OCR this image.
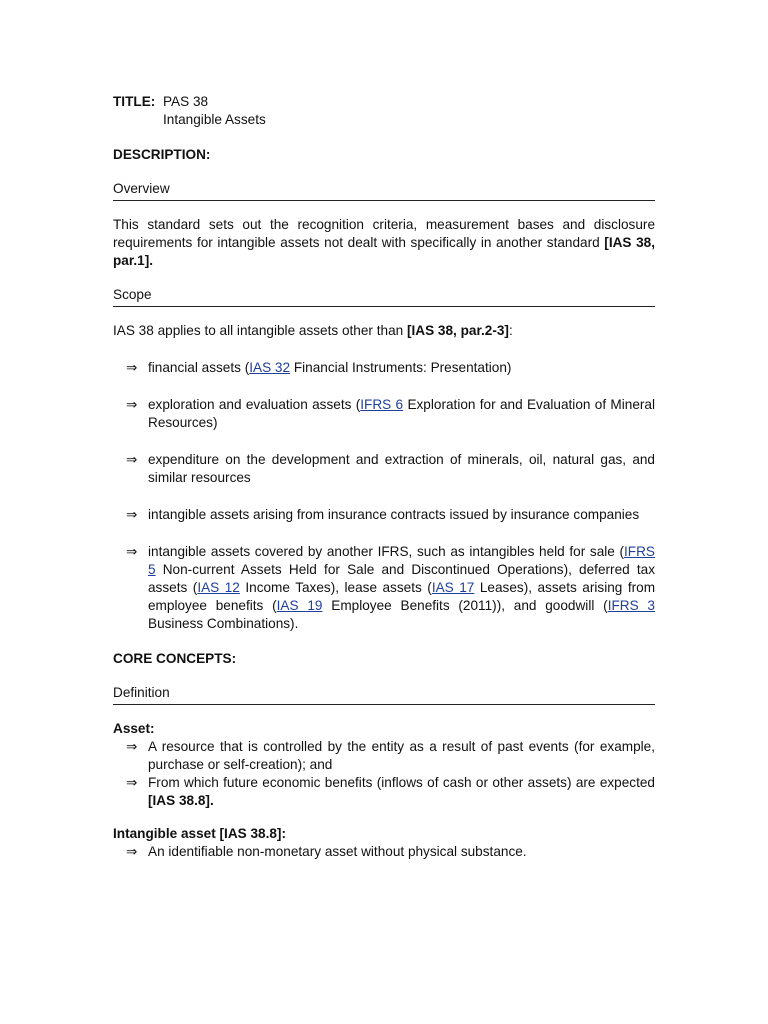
TITLE: PAS 38
Intangible Assets
DESCRIPTION:
Overview
This standard sets out the recognition criteria, measurement bases and disclosure requirements for intangible assets not dealt with specifically in another standard [IAS 38, par.1].
Scope
IAS 38 applies to all intangible assets other than [IAS 38, par.2-3]:
⇒ financial assets (IAS 32 Financial Instruments: Presentation)
⇒ exploration and evaluation assets (IFRS 6 Exploration for and Evaluation of Mineral Resources)
⇒ expenditure on the development and extraction of minerals, oil, natural gas, and similar resources
⇒ intangible assets arising from insurance contracts issued by insurance companies
⇒ intangible assets covered by another IFRS, such as intangibles held for sale (IFRS 5 Non-current Assets Held for Sale and Discontinued Operations), deferred tax assets (IAS 12 Income Taxes), lease assets (IAS 17 Leases), assets arising from employee benefits (IAS 19 Employee Benefits (2011)), and goodwill (IFRS 3 Business Combinations).
CORE CONCEPTS:
Definition
Asset:
⇒ A resource that is controlled by the entity as a result of past events (for example, purchase or self-creation); and
⇒ From which future economic benefits (inflows of cash or other assets) are expected [IAS 38.8].
Intangible asset [IAS 38.8]:
⇒ An identifiable non-monetary asset without physical substance.
